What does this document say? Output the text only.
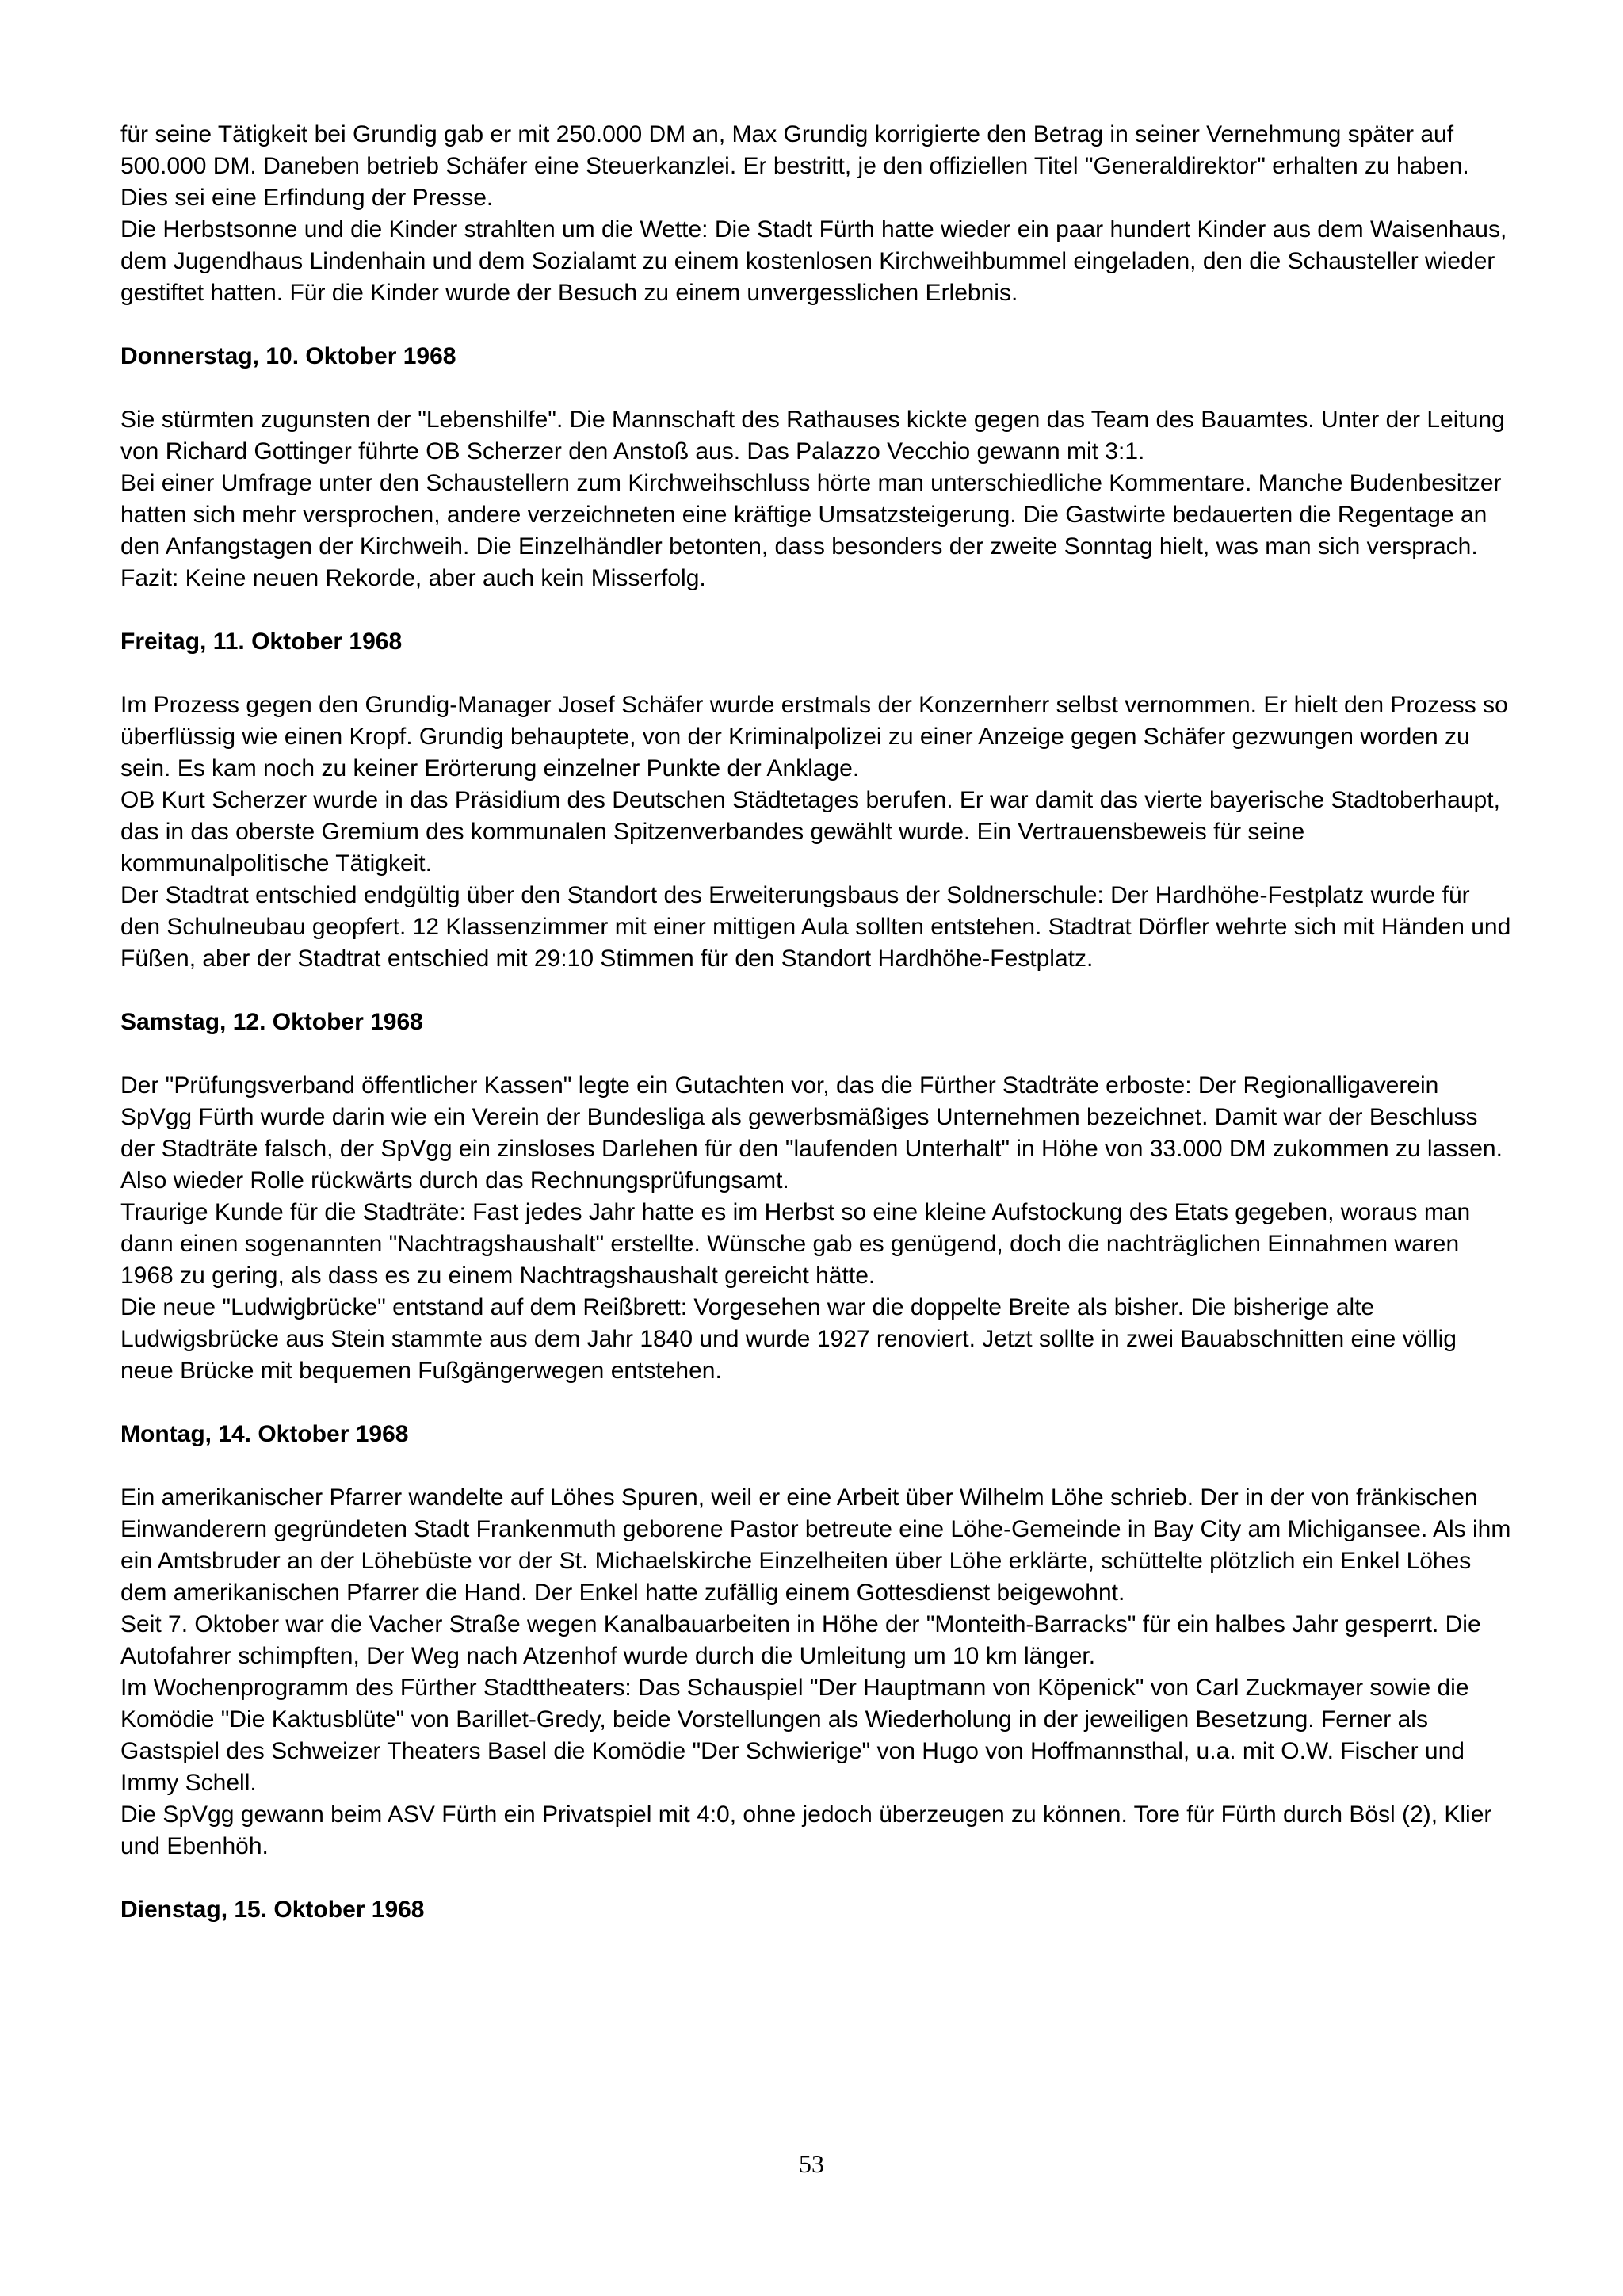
für seine Tätigkeit bei Grundig gab er mit 250.000 DM an, Max Grundig korrigierte den Betrag in seiner Vernehmung später auf 500.000 DM. Daneben betrieb Schäfer eine Steuerkanzlei. Er bestritt, je den offiziellen Titel "Generaldirektor" erhalten zu haben. Dies sei eine Erfindung der Presse.

Die Herbstsonne und die Kinder strahlten um die Wette: Die Stadt Fürth hatte wieder ein paar hundert Kinder aus dem Waisenhaus, dem Jugendhaus Lindenhain und dem Sozialamt zu einem kostenlosen Kirchweihbummel eingeladen, den die Schausteller wieder gestiftet hatten. Für die Kinder wurde der Besuch zu einem unvergesslichen Erlebnis.

Donnerstag, 10. Oktober 1968

Sie stürmten zugunsten der "Lebenshilfe". Die Mannschaft des Rathauses kickte gegen das Team des Bauamtes. Unter der Leitung von Richard Gottinger führte OB Scherzer den Anstoß aus. Das Palazzo Vecchio gewann mit 3:1.

Bei einer Umfrage unter den Schaustellern zum Kirchweihschluss hörte man unterschiedliche Kommentare. Manche Budenbesitzer hatten sich mehr versprochen, andere verzeichneten eine kräftige Umsatzsteigerung. Die Gastwirte bedauerten die Regentage an den Anfangstagen der Kirchweih. Die Einzelhändler betonten, dass besonders der zweite Sonntag hielt, was man sich versprach. Fazit: Keine neuen Rekorde, aber auch kein Misserfolg.

Freitag, 11. Oktober 1968

Im Prozess gegen den Grundig-Manager Josef Schäfer wurde erstmals der Konzernherr selbst vernommen. Er hielt den Prozess so überflüssig wie einen Kropf. Grundig behauptete, von der Kriminalpolizei zu einer Anzeige gegen Schäfer gezwungen worden zu sein. Es kam noch zu keiner Erörterung einzelner Punkte der Anklage.

OB Kurt Scherzer wurde in das Präsidium des Deutschen Städtetages berufen. Er war damit das vierte bayerische Stadtoberhaupt, das in das oberste Gremium des kommunalen Spitzenverbandes gewählt wurde. Ein Vertrauensbeweis für seine kommunalpolitische Tätigkeit.

Der Stadtrat entschied endgültig über den Standort des Erweiterungsbaus der Soldnerschule: Der Hardhöhe-Festplatz wurde für den Schulneubau geopfert. 12 Klassenzimmer mit einer mittigen Aula sollten entstehen. Stadtrat Dörfler wehrte sich mit Händen und Füßen, aber der Stadtrat entschied mit 29:10 Stimmen für den Standort Hardhöhe-Festplatz.

Samstag, 12. Oktober 1968

Der "Prüfungsverband öffentlicher Kassen" legte ein Gutachten vor, das die Fürther Stadträte erboste: Der Regionalligaverein SpVgg Fürth wurde darin wie ein Verein der Bundesliga als gewerbsmäßiges Unternehmen bezeichnet. Damit war der Beschluss der Stadträte falsch, der SpVgg ein zinsloses Darlehen für den "laufenden Unterhalt" in Höhe von 33.000 DM zukommen zu lassen. Also wieder Rolle rückwärts durch das Rechnungsprüfungsamt.

Traurige Kunde für die Stadträte: Fast jedes Jahr hatte es im Herbst so eine kleine Aufstockung des Etats gegeben, woraus man dann einen sogenannten "Nachtragshaushalt" erstellte. Wünsche gab es genügend, doch die nachträglichen Einnahmen waren 1968 zu gering, als dass es zu einem Nachtragshaushalt gereicht hätte.

Die neue "Ludwigbrücke" entstand auf dem Reißbrett: Vorgesehen war die doppelte Breite als bisher. Die bisherige alte Ludwigsbrücke aus Stein stammte aus dem Jahr 1840 und wurde 1927 renoviert. Jetzt sollte in zwei Bauabschnitten eine völlig neue Brücke mit bequemen Fußgängerwegen entstehen.

Montag, 14. Oktober 1968

Ein amerikanischer Pfarrer wandelte auf Löhes Spuren, weil er eine Arbeit über Wilhelm Löhe schrieb. Der in der von fränkischen Einwanderern gegründeten Stadt Frankenmuth geborene Pastor betreute eine Löhe-Gemeinde in Bay City am Michigansee. Als ihm ein Amtsbruder an der Löhebüste vor der St. Michaelskirche Einzelheiten über Löhe erklärte, schüttelte plötzlich ein Enkel Löhes dem amerikanischen Pfarrer die Hand. Der Enkel hatte zufällig einem Gottesdienst beigewohnt.

Seit 7. Oktober war die Vacher Straße wegen Kanalbauarbeiten in Höhe der "Monteith-Barracks" für ein halbes Jahr gesperrt. Die Autofahrer schimpften, Der Weg nach Atzenhof wurde durch die Umleitung um 10 km länger.

Im Wochenprogramm des Fürther Stadttheaters: Das Schauspiel "Der Hauptmann von Köpenick" von Carl Zuckmayer sowie die Komödie "Die Kaktusblüte" von Barillet-Gredy, beide Vorstellungen als Wiederholung in der jeweiligen Besetzung. Ferner als Gastspiel des Schweizer Theaters Basel die Komödie "Der Schwierige" von Hugo von Hoffmannsthal, u.a. mit O.W. Fischer und Immy Schell.

Die SpVgg gewann beim ASV Fürth ein Privatspiel mit 4:0, ohne jedoch überzeugen zu können. Tore für Fürth durch Bösl (2), Klier und Ebenhöh.

Dienstag, 15. Oktober 1968
53
